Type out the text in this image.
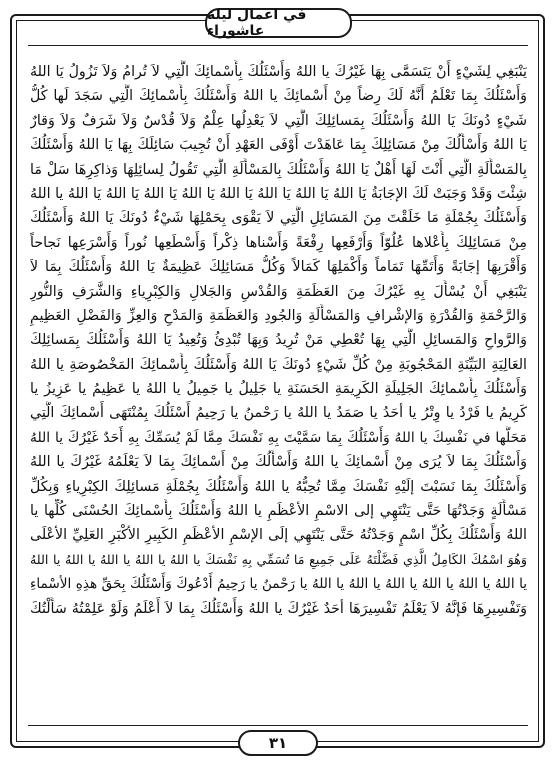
في اعمال ليلة عاشوراء
يَنْبَغِي لِشَيْءٍ أَنْ يَتَسَمَّى بِهَا غَيْرُكَ يا اللهُ وَأَسْئَلُكَ بِأَسْمائِكَ الَّتِي لاَ تُرامُ وَلاَ تَزُولُ يَا اللهُ
وَأَسْئَلُكَ بِمَا تَعْلَمُ أَنَّهُ لَكَ رِضاً مِنْ أَسْمائِكَ يا اللهُ وَأَسْئَلُكَ بِأَسْمائِكَ الَّتِي سَجَدَ لَها كُلُّ
شَيْءٍ دُونَكَ يَا اللهُ وَأَسْئَلُكَ بِمَسائِلِكَ الَّتِي لاَ يَعْدِلُها عِلْمٌ وَلاَ قُدْسٌ وَلاَ شَرَفٌ وَلاَ وَقارٌ
يَا اللهُ وَأَسْأَلُكَ مِنْ مَسَائِلِكَ بِمَا عَاهَدْتَ أَوْفَى العَهْدِ أَنْ تُجِيبَ سَائِلَكَ بِهَا يَا اللهُ وَأَسْئَلُكَ
بِالمَسْأَلَةِ الَّتِي أَنْتَ لَهَا أَهْلٌ يَا اللهُ وَأَسْئَلُكَ بِالمَسْأَلَةِ الَّتِي تَقُولُ لِسائِلِهَا وَذاكِرِهَا سَلْ مَا
شِئْتَ وَقَدْ وَجَبَتْ لَكَ الإجَابَةُ يَا اللهُ يَا اللهُ يَا اللهُ يَا اللهُ يَا اللهُ يَا اللهُ يَا اللهُ يَا اللهُ يا اللهُ
وَأَسْئَلُكَ بِجُمْلَةِ مَا خَلَقْتَ مِنَ المَسَائِلِ الَّتِي لاَ يَقْوَى بِحَمْلِهَا شَيْءٌ دُونَكَ يَا اللهُ وَأَسْئَلُكَ
مِنْ مَسَائِلِكَ بِأَعْلاها عُلُوّاً وَأَرْفَعِها رِفْعَةً وَأَسْناها ذِكْراً وَأَسْطَعِها نُوراً وَأَسْرَعِها نَجاحاً
وَأَقْرَبِهَا إجَابَةً وَأَتَمِّهَا تَمَاماً وَأَكْمَلِهَا كَمَالاً وَكُلُّ مَسَائِلِكَ عَظِيمَةٌ يَا اللهُ وَأَسْئَلُكَ بِمَا لاَ
يَنْبَغِي أَنْ يُسْأَلَ بِهِ غَيْرُكَ مِنَ العَظَمَةِ وَالقُدْسِ وَالجَلالِ وَالكِبْرِياءِ وَالشَّرَفِ وَالنُّورِ
وَالرَّحْمَةِ وَالقُدْرَةِ وَالإشْرافِ وَالمَسْأَلَةِ وَالجُودِ وَالعَظَمَةِ وَالمَدْحِ وَالعِزِّ وَالفَضْلِ العَظِيمِ
وَالرَّواحِ وَالمَسائِلِ الَّتِي بِهَا تُعْطِي مَنْ تُرِيدُ وَبِهَا تُبْدِئُ وَتُعِيدُ يَا اللهُ وَأَسْئَلُكَ بِمَسائِلِكَ
العَالِيَةِ البَيِّنَةِ المَحْجُوبَةِ مِنْ كُلِّ شَيْءٍ دُونَكَ يَا اللهُ وَأَسْئَلُكَ بِأَسْمائِكَ المَخْصُوصَةِ يا اللهُ
وَأَسْئَلُكَ بِأَسْمائِكَ الجَلِيلَةِ الكَرِيمَةِ الحَسَنَةِ يا جَلِيلُ يا جَمِيلُ يا اللهُ يا عَظِيمُ يا عَزِيزُ يا
كَرِيمُ يا فَرْدُ يا وِتْرُ يا أحَدُ يا صَمَدُ يا اللهُ يا رَحْمنُ يا رَحِيمُ أَسْئَلُكَ بِمُنْتَهَى أَسْمائِكَ الَّتِي
مَحَلُّها في نَفْسِكَ يا اللهُ وَأَسْئَلُكَ بِمَا سَمَّيْتَ بِهِ نَفْسَكَ مِمَّا لَمْ يُسَمِّكَ بِهِ أَحَدٌ غَيْرُكَ يا اللهُ
وَأَسْئَلُكَ بِمَا لاَ يُرَى مِنْ أَسْمائِكَ يا اللهُ وَأَسْأَلُكَ مِنْ أَسْمائِكَ بِمَا لاَ يَعْلَمُهُ غَيْرُكَ يا اللهُ
وَأَسْئَلُكَ بِمَا نَسَبْتَ إلَيْهِ نَفْسَكَ مِمَّا تُحِبُّهُ يا اللهُ وَأَسْئَلُكَ بِجُمْلَةِ مَسائِلِكَ الكِبْرِياءِ وَبِكُلِّ
مَسْأَلَةٍ وَجَدْتُهَا حَتَّى يَنْتَهِي إلى الاسْمِ الأعْظَمِ يا اللهُ وَأَسْئَلُكَ بِأَسْمائِكَ الحُسْنَى كُلِّها يا
اللهُ وَأَسْئَلُكَ بِكُلِّ اسْمٍ وَجَدْتُهُ حَتَّى يَنْتَهِي إلَى الإسْمِ الأعْظَمِ الكَبِيرِ الأكْبَرِ العَلِيِّ الأعْلَى
وَهُوَ اسْمُكَ الكَامِلُ الَّذِي فَضَّلْتَهُ عَلَى جَمِيعِ مَا تُسَمِّي بِهِ نَفْسَكَ يا اللهُ يا اللهُ يا اللهُ يا اللهُ يا اللهُ
يا اللهُ يا اللهُ يا اللهُ يا اللهُ يا اللهُ يا اللهُ يا رَحْمنُ يا رَحِيمُ أَدْعُوكَ وَأَسْئَلُكَ بِحَقِّ هذِهِ الأسْماءِ
وَتَفْسِيرِهَا فَإنَّهُ لاَ يَعْلَمُ تَفْسِيرَهَا أحَدٌ غَيْرُكَ يا اللهُ وَأَسْئَلُكَ بِمَا لاَ أَعْلَمُ وَلَوْ عَلِمْتُهُ سَأَلْتُكَ
٣١
